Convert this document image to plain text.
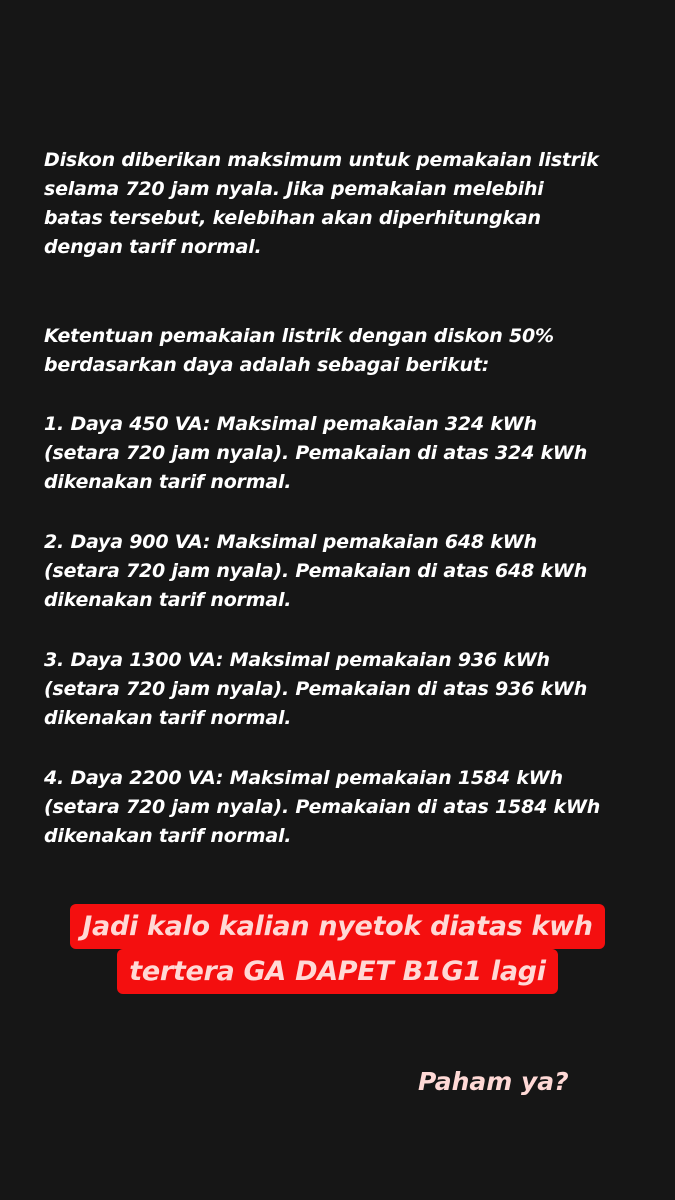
Diskon diberikan maksimum untuk pemakaian listrik
selama 720 jam nyala. Jika pemakaian melebihi
batas tersebut, kelebihan akan diperhitungkan
dengan tarif normal.
Ketentuan pemakaian listrik dengan diskon 50%
berdasarkan daya adalah sebagai berikut:
1. Daya 450 VA: Maksimal pemakaian 324 kWh
(setara 720 jam nyala). Pemakaian di atas 324 kWh
dikenakan tarif normal.
2. Daya 900 VA: Maksimal pemakaian 648 kWh
(setara 720 jam nyala). Pemakaian di atas 648 kWh
dikenakan tarif normal.
3. Daya 1300 VA: Maksimal pemakaian 936 kWh
(setara 720 jam nyala). Pemakaian di atas 936 kWh
dikenakan tarif normal.
4. Daya 2200 VA: Maksimal pemakaian 1584 kWh
(setara 720 jam nyala). Pemakaian di atas 1584 kWh
dikenakan tarif normal.
Jadi kalo kalian nyetok diatas kwh
tertera GA DAPET B1G1 lagi
Paham ya?
